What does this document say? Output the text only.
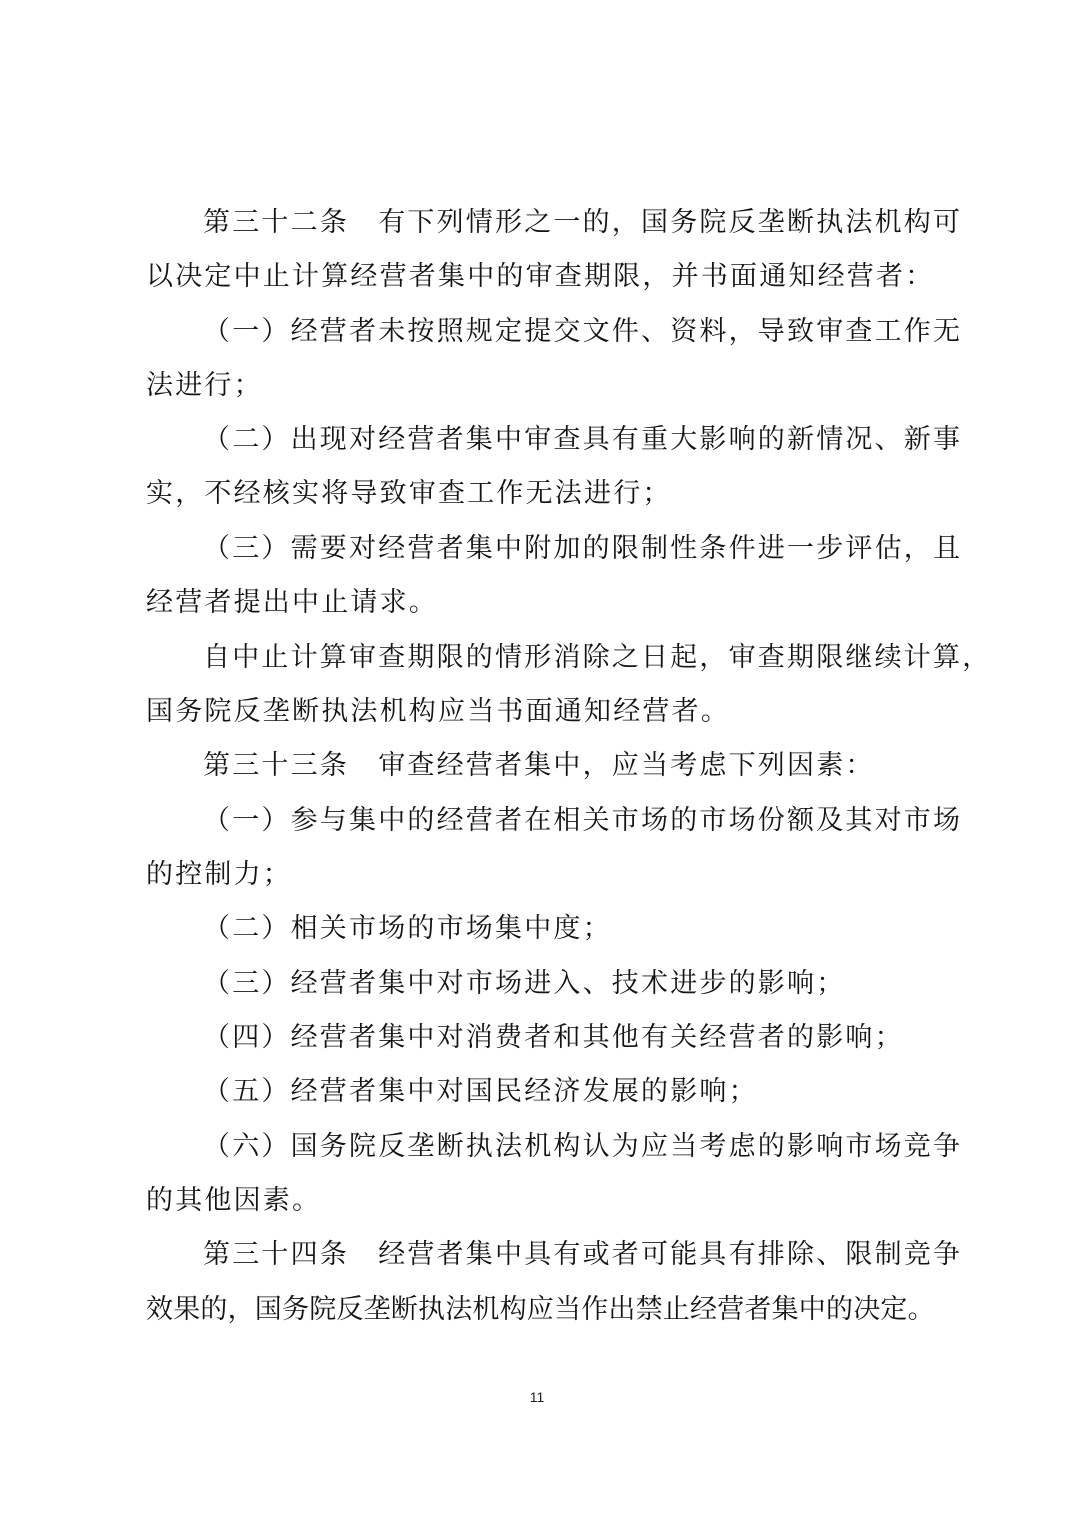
第三十二条　有下列情形之一的，国务院反垄断执法机构可
以决定中止计算经营者集中的审查期限，并书面通知经营者：
（一）经营者未按照规定提交文件、资料，导致审查工作无
法进行；
（二）出现对经营者集中审查具有重大影响的新情况、新事
实，不经核实将导致审查工作无法进行；
（三）需要对经营者集中附加的限制性条件进一步评估，且
经营者提出中止请求。
自中止计算审查期限的情形消除之日起，审查期限继续计算，
国务院反垄断执法机构应当书面通知经营者。
第三十三条　审查经营者集中，应当考虑下列因素：
（一）参与集中的经营者在相关市场的市场份额及其对市场
的控制力；
（二）相关市场的市场集中度；
（三）经营者集中对市场进入、技术进步的影响；
（四）经营者集中对消费者和其他有关经营者的影响；
（五）经营者集中对国民经济发展的影响；
（六）国务院反垄断执法机构认为应当考虑的影响市场竞争
的其他因素。
第三十四条　经营者集中具有或者可能具有排除、限制竞争
效果的，国务院反垄断执法机构应当作出禁止经营者集中的决定。
11
